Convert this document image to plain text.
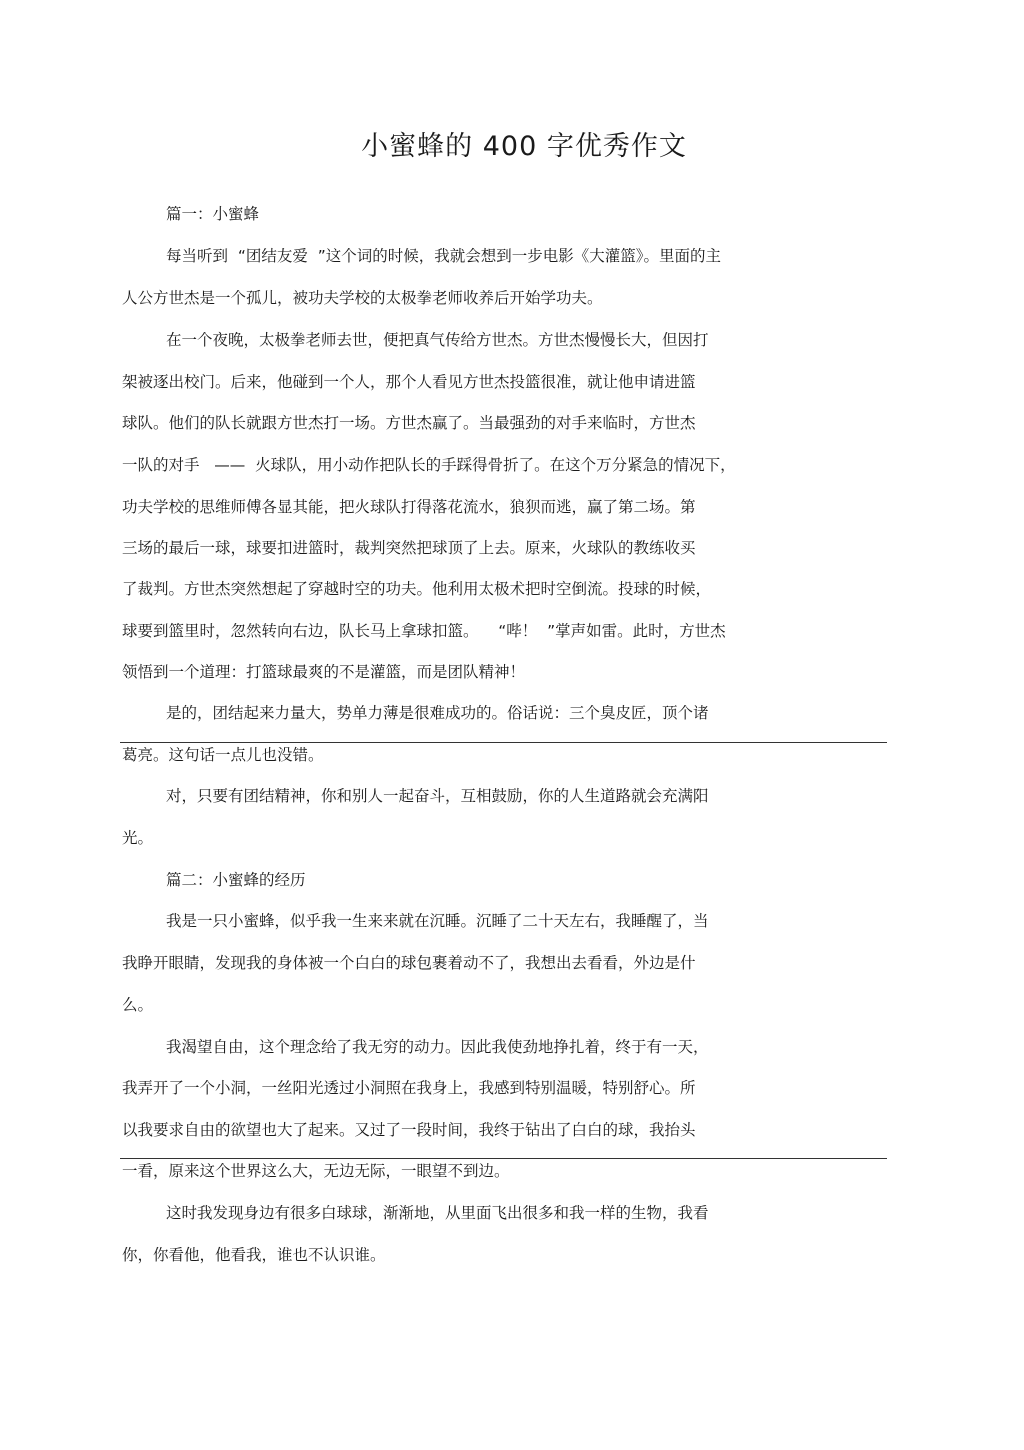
小蜜蜂的 400 字优秀作文
篇一：小蜜蜂
每当听到  “团结友爱  ”这个词的时候，我就会想到一步电影《大灌篮》。里面的主
人公方世杰是一个孤儿，被功夫学校的太极拳老师收养后开始学功夫。
在一个夜晚，太极拳老师去世，便把真气传给方世杰。方世杰慢慢长大，但因打
架被逐出校门。后来，他碰到一个人，那个人看见方世杰投篮很准，就让他申请进篮
球队。他们的队长就跟方世杰打一场。方世杰赢了。当最强劲的对手来临时，方世杰
一队的对手   ——  火球队，用小动作把队长的手踩得骨折了。在这个万分紧急的情况下，
功夫学校的思维师傅各显其能，把火球队打得落花流水，狼狈而逃，赢了第二场。第
三场的最后一球，球要扣进篮时，裁判突然把球顶了上去。原来，火球队的教练收买
了裁判。方世杰突然想起了穿越时空的功夫。他利用太极术把时空倒流。投球的时候，
球要到篮里时，忽然转向右边，队长马上拿球扣篮。    “哔！  ”掌声如雷。此时，方世杰
领悟到一个道理：打篮球最爽的不是灌篮，而是团队精神！
是的，团结起来力量大，势单力薄是很难成功的。俗话说：三个臭皮匠，顶个诸
葛亮。这句话一点儿也没错。
对，只要有团结精神，你和别人一起奋斗，互相鼓励，你的人生道路就会充满阳
光。
篇二：小蜜蜂的经历
我是一只小蜜蜂，似乎我一生来来就在沉睡。沉睡了二十天左右，我睡醒了，当
我睁开眼睛，发现我的身体被一个白白的球包裹着动不了，我想出去看看，外边是什
么。
我渴望自由，这个理念给了我无穷的动力。因此我使劲地挣扎着，终于有一天，
我弄开了一个小洞，一丝阳光透过小洞照在我身上，我感到特别温暖，特别舒心。所
以我要求自由的欲望也大了起来。又过了一段时间，我终于钻出了白白的球，我抬头
一看，原来这个世界这么大，无边无际，一眼望不到边。
这时我发现身边有很多白球球，渐渐地，从里面飞出很多和我一样的生物，我看
你，你看他，他看我，谁也不认识谁。
